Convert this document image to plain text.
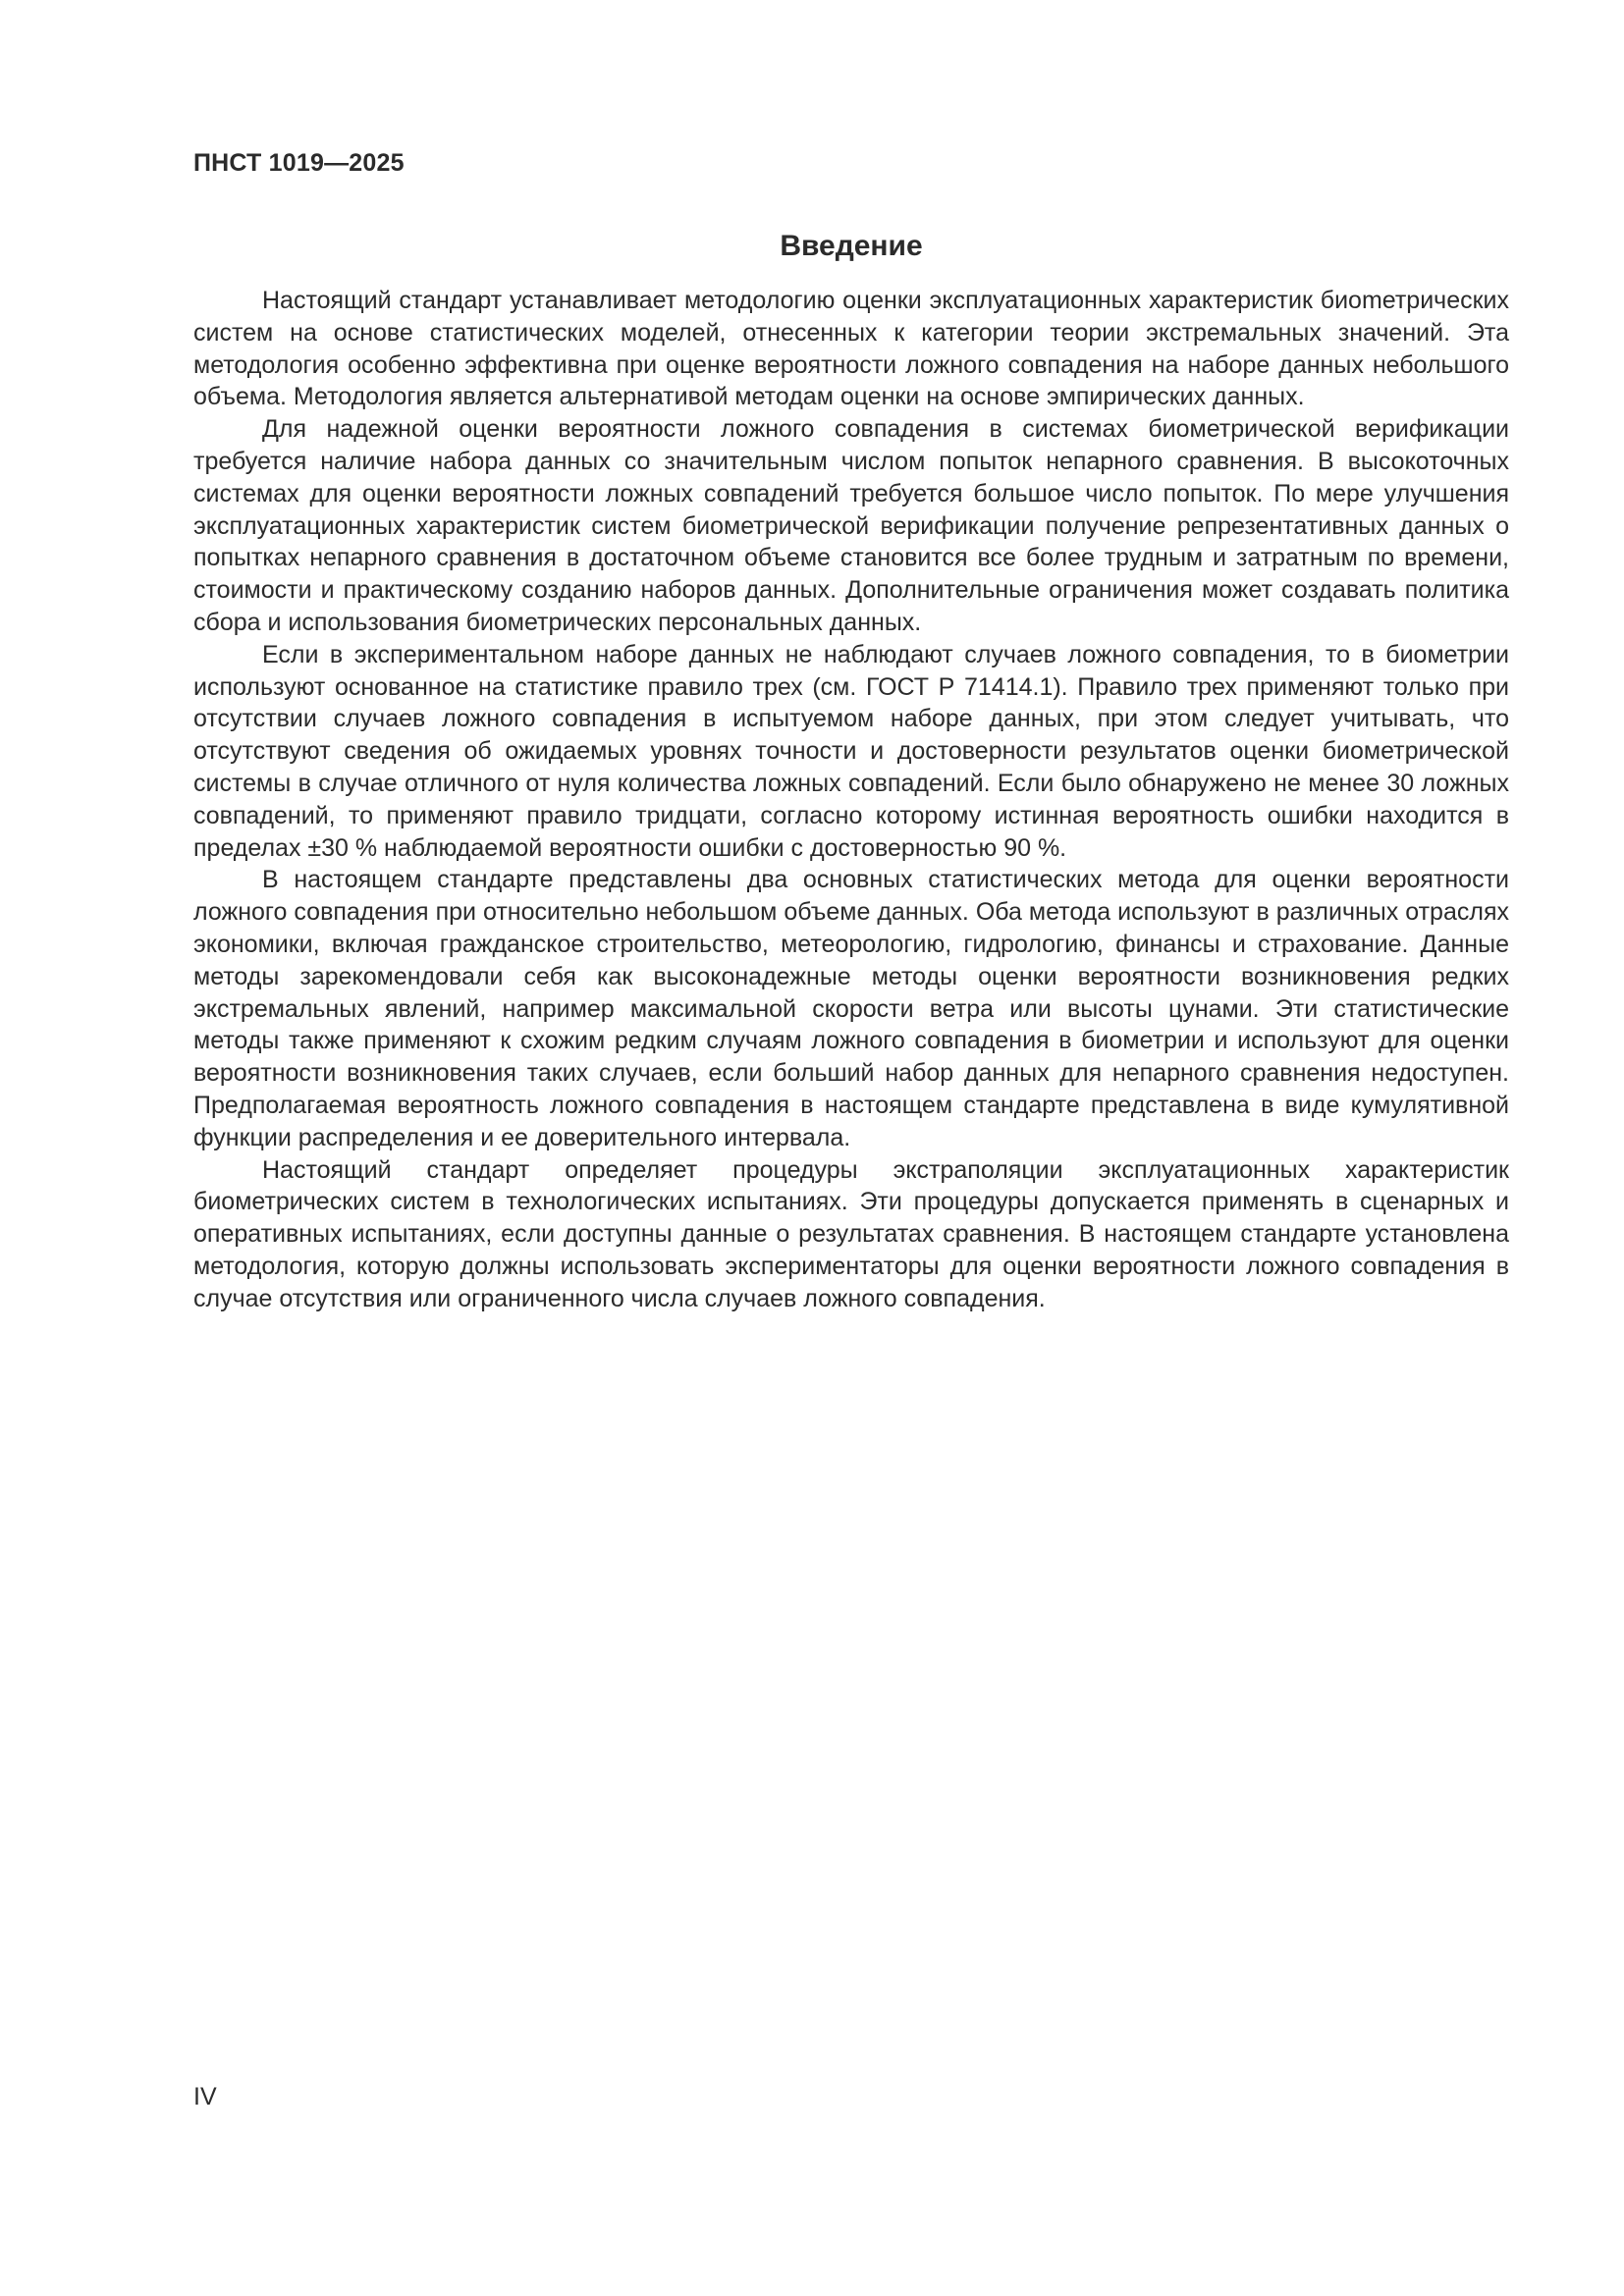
ПНСТ 1019—2025
Введение

Настоящий стандарт устанавливает методологию оценки эксплуатационных характеристик биоmетрических систем на основе статистических моделей, отнесенных к категории теории экстремальных значений. Эта методология особенно эффективна при оценке вероятности ложного совпадения на наборе данных небольшого объема. Методология является альтернативой методам оценки на основе эмпирических данных.

Для надежной оценки вероятности ложного совпадения в системах биометрической верификации требуется наличие набора данных со значительным числом попыток непарного сравнения. В высокоточных системах для оценки вероятности ложных совпадений требуется большое число попыток. По мере улучшения эксплуатационных характеристик систем биометрической верификации получение репрезентативных данных о попытках непарного сравнения в достаточном объеме становится все более трудным и затратным по времени, стоимости и практическому созданию наборов данных. Дополнительные ограничения может создавать политика сбора и использования биометрических персональных данных.

Если в экспериментальном наборе данных не наблюдают случаев ложного совпадения, то в биометрии используют основанное на статистике правило трех (см. ГОСТ Р 71414.1). Правило трех применяют только при отсутствии случаев ложного совпадения в испытуемом наборе данных, при этом следует учитывать, что отсутствуют сведения об ожидаемых уровнях точности и достоверности результатов оценки биометрической системы в случае отличного от нуля количества ложных совпадений. Если было обнаружено не менее 30 ложных совпадений, то применяют правило тридцати, согласно которому истинная вероятность ошибки находится в пределах ±30 % наблюдаемой вероятности ошибки с достоверностью 90 %.

В настоящем стандарте представлены два основных статистических метода для оценки вероятности ложного совпадения при относительно небольшом объеме данных. Оба метода используют в различных отраслях экономики, включая гражданское строительство, метеорологию, гидрологию, финансы и страхование. Данные методы зарекомендовали себя как высоконадежные методы оценки вероятности возникновения редких экстремальных явлений, например максимальной скорости ветра или высоты цунами. Эти статистические методы также применяют к схожим редким случаям ложного совпадения в биометрии и используют для оценки вероятности возникновения таких случаев, если больший набор данных для непарного сравнения недоступен. Предполагаемая вероятность ложного совпадения в настоящем стандарте представлена в виде кумулятивной функции распределения и ее доверительного интервала.

Настоящий стандарт определяет процедуры экстраполяции эксплуатационных характеристик биометрических систем в технологических испытаниях. Эти процедуры допускается применять в сценарных и оперативных испытаниях, если доступны данные о результатах сравнения. В настоящем стандарте установлена методология, которую должны использовать экспериментаторы для оценки вероятности ложного совпадения в случае отсутствия или ограниченного числа случаев ложного совпадения.

IV
